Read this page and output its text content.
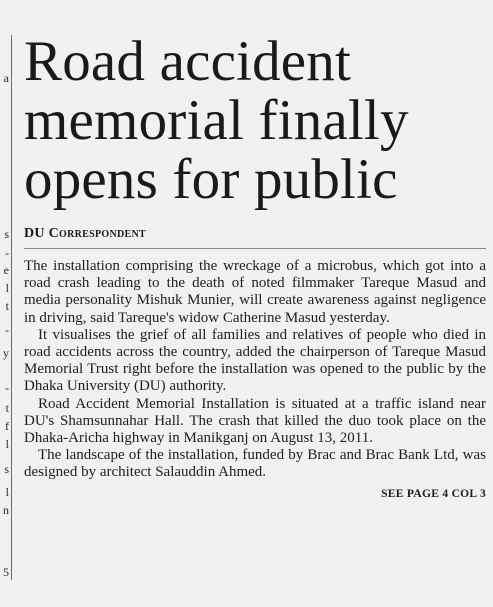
a
s
-
e
l
t
-
y
-
t
f
l
s
l
n
5
Road accident memorial finally opens for public
DU Correspondent

The installation comprising the wreckage of a microbus, which got into a road crash leading to the death of noted filmmaker Tareque Masud and media personality Mishuk Munier, will create awareness against negligence in driving, said Tareque's widow Catherine Masud yesterday.

It visualises the grief of all families and relatives of people who died in road accidents across the country, added the chairperson of Tareque Masud Memorial Trust right before the installation was opened to the public by the Dhaka University (DU) authority.

Road Accident Memorial Installation is situated at a traffic island near DU's Shamsunnahar Hall. The crash that killed the duo took place on the Dhaka-Aricha highway in Manikganj on August 13, 2011.

The landscape of the installation, funded by Brac and Brac Bank Ltd, was designed by architect Salauddin Ahmed.

SEE PAGE 4 COL 3
